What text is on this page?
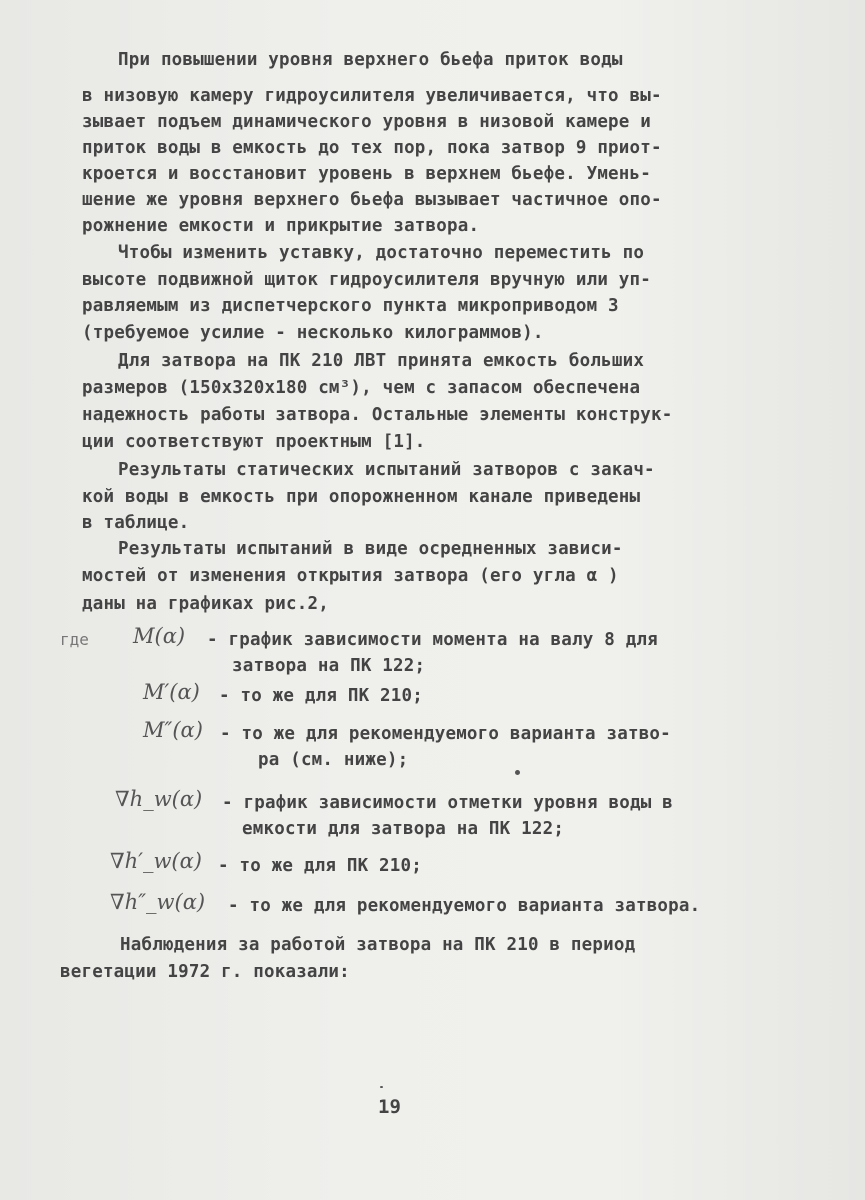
При повышении уровня верхнего бьефа приток воды
в низовую камеру гидроусилителя увеличивается, что вы-
зывает подъем динамического уровня в низовой камере и
приток воды в емкость до тех пор, пока затвор 9 приот-
кроется и восстановит уровень в верхнем бьефе. Умень-
шение же уровня верхнего бьефа вызывает частичное опо-
рожнение емкости и прикрытие затвора.
Чтобы изменить уставку, достаточно переместить по
высоте подвижной щиток гидроусилителя вручную или уп-
равляемым из диспетчерского пункта микроприводом 3
(требуемое усилие - несколько килограммов).
Для затвора на ПК 210 ЛВТ принята емкость больших
размеров (150х320х180 см³), чем с запасом обеспечена
надежность работы затвора. Остальные элементы конструк-
ции соответствуют проектным [1].
Результаты статических испытаний затворов с закач-
кой воды в емкость при опорожненном канале приведены
в таблице.
Результаты испытаний в виде осредненных зависи-
мостей от изменения открытия затвора (его угла α )
даны на графиках рис.2,
где M(α) - график зависимости момента на валу 8 для
затвора на ПК 122;
M′(α) - то же для ПК 210;
M″(α) - то же для рекомендуемого варианта затво-
ра (см. ниже);
∇h_w(α) - график зависимости отметки уровня воды в
емкости для затвора на ПК 122;
∇h′_w(α) - то же для ПК 210;
∇h″_w(α) - то же для рекомендуемого варианта затвора.
Наблюдения за работой затвора на ПК 210 в период
вегетации 1972 г. показали:
19
